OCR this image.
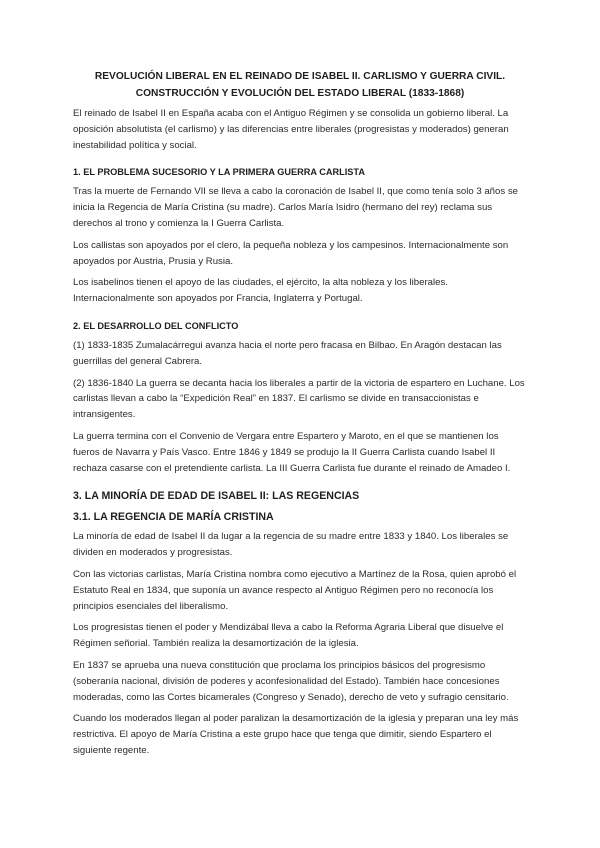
REVOLUCIÓN LIBERAL EN EL REINADO DE ISABEL II. CARLISMO Y GUERRA CIVIL.
CONSTRUCCIÓN Y EVOLUCIÓN DEL ESTADO LIBERAL (1833-1868)

El reinado de Isabel II en España acaba con el Antiguo Régimen y se consolida un gobierno liberal. La oposición absolutista (el carlismo) y las diferencias entre liberales (progresistas y moderados) generan inestabilidad política y social.

1. EL PROBLEMA SUCESORIO Y LA PRIMERA GUERRA CARLISTA

Tras la muerte de Fernando VII se lleva a cabo la coronación de Isabel II, que como tenía solo 3 años se inicia la Regencia de María Cristina (su madre). Carlos María Isidro (hermano del rey) reclama sus derechos al trono y comienza la I Guerra Carlista.

Los callistas son apoyados por el clero, la pequeña nobleza y los campesinos. Internacionalmente son apoyados por Austria, Prusia y Rusia.

Los isabelinos tienen el apoyo de las ciudades, el ejército, la alta nobleza y los liberales. Internacionalmente son apoyados por Francia, Inglaterra y Portugal.

2. EL DESARROLLO DEL CONFLICTO

(1) 1833-1835 Zumalacárregui avanza hacia el norte pero fracasa en Bilbao. En Aragón destacan las guerrillas del general Cabrera.

(2) 1836-1840 La guerra se decanta hacia los liberales a partir de la victoria de espartero en Luchane. Los carlistas llevan a cabo la “Expedición Real” en 1837. El carlismo se divide en transaccionistas e intransigentes.

La guerra termina con el Convenio de Vergara entre Espartero y Maroto, en el que se mantienen los fueros de Navarra y País Vasco. Entre 1846 y 1849 se produjo la II Guerra Carlista cuando Isabel II rechaza casarse con el pretendiente carlista. La III Guerra Carlista fue durante el reinado de Amadeo I.

3. LA MINORÍA DE EDAD DE ISABEL II: LAS REGENCIAS
3.1. LA REGENCIA DE MARÍA CRISTINA

La minoría de edad de Isabel II da lugar a la regencia de su madre entre 1833 y 1840. Los liberales se dividen en moderados y progresistas.

Con las victorias carlistas, María Cristina nombra como ejecutivo a Martínez de la Rosa, quien aprobó el Estatuto Real en 1834, que suponía un avance respecto al Antiguo Régimen pero no reconocía los principios esenciales del liberalismo.

Los progresistas tienen el poder y Mendizábal lleva a cabo la Reforma Agraria Liberal que disuelve el Régimen señorial. También realiza la desamortización de la iglesia.

En 1837 se aprueba una nueva constitución que proclama los principios básicos del progresismo (soberanía nacional, división de poderes y aconfesionalidad del Estado). También hace concesiones moderadas, como las Cortes bicamerales (Congreso y Senado), derecho de veto y sufragio censitario.

Cuando los moderados llegan al poder paralizan la desamortización de la iglesia y preparan una ley más restrictiva. El apoyo de María Cristina a este grupo hace que tenga que dimitir, siendo Espartero el siguiente regente.
